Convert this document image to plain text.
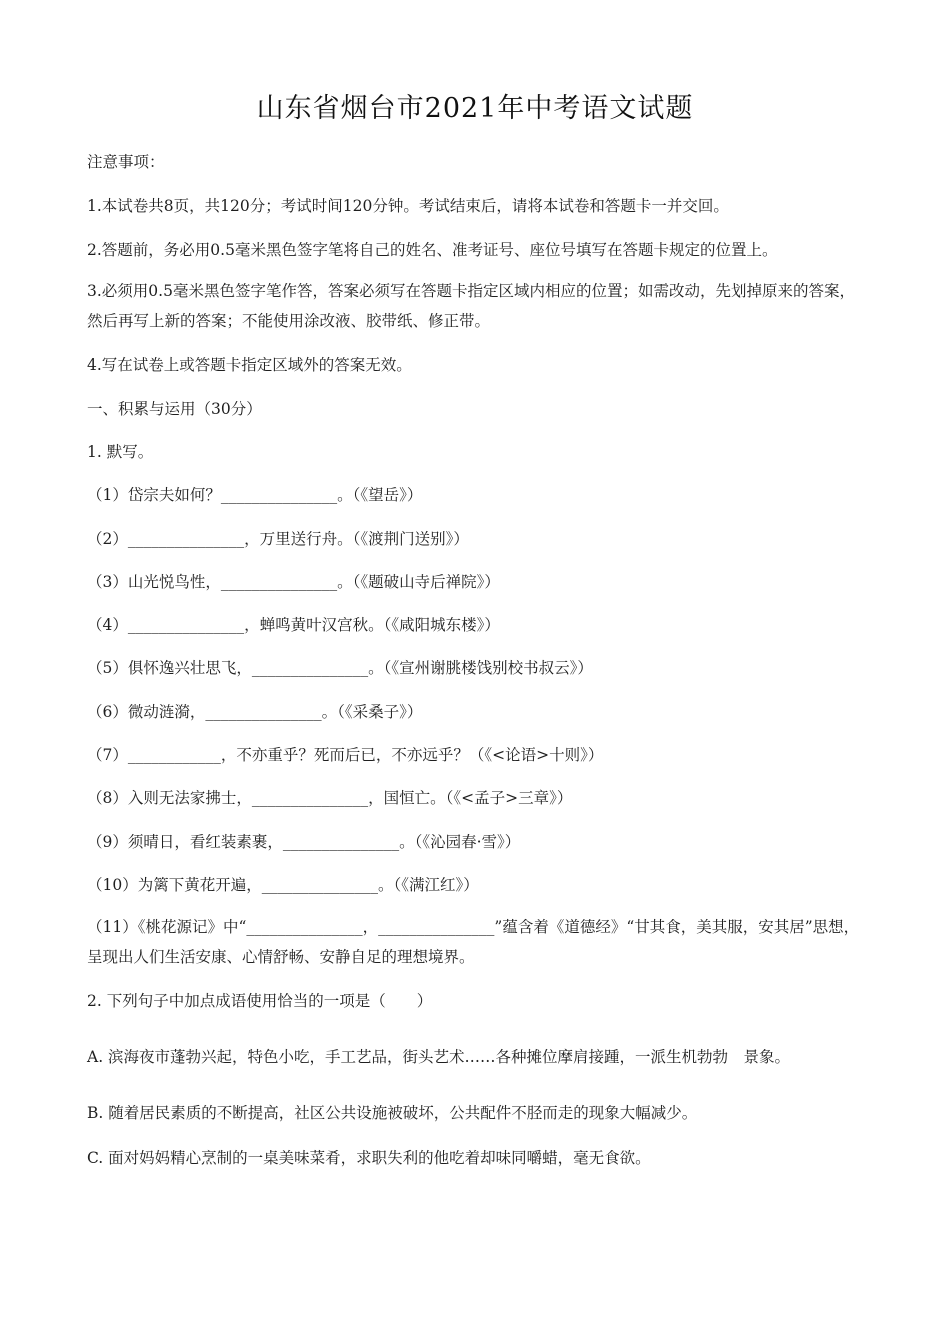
山东省烟台市2021年中考语文试题
注意事项：
1.本试卷共8页，共120分；考试时间120分钟。考试结束后，请将本试卷和答题卡一并交回。
2.答题前，务必用0.5毫米黑色签字笔将自己的姓名、准考证号、座位号填写在答题卡规定的位置上。
3.必须用0.5毫米黑色签字笔作答，答案必须写在答题卡指定区域内相应的位置；如需改动，先划掉原来的答案，然后再写上新的答案；不能使用涂改液、胶带纸、修正带。
4.写在试卷上或答题卡指定区域外的答案无效。
一、积累与运用（30分）
1. 默写。
（1）岱宗夫如何？_______________。（《望岳》）
（2）_______________，万里送行舟。（《渡荆门送别》）
（3）山光悦鸟性，_______________。（《题破山寺后禅院》）
（4）_______________，蝉鸣黄叶汉宫秋。（《咸阳城东楼》）
（5）俱怀逸兴壮思飞，_______________。（《宣州谢朓楼饯别校书叔云》）
（6）微动涟漪，_______________。（《采桑子》）
（7）____________，不亦重乎？死而后已，不亦远乎？（《<论语>十则》）
（8）入则无法家拂士，_______________，国恒亡。（《<孟子>三章》）
（9）须晴日，看红装素裹，_______________。（《沁园春·雪》）
（10）为篱下黄花开遍，_______________。（《满江红》）
（11）《桃花源记》中“_______________，_______________”蕴含着《道德经》“甘其食，美其服，安其居”思想，呈现出人们生活安康、心情舒畅、安静自足的理想境界。
2. 下列句子中加点成语使用恰当的一项是（　　）
A. 滨海夜市蓬勃兴起，特色小吃，手工艺品，街头艺术……各种摊位摩肩接踵，一派生机勃勃　景象。
B. 随着居民素质的不断提高，社区公共设施被破坏，公共配件不胫而走的现象大幅减少。
C. 面对妈妈精心烹制的一桌美味菜肴，求职失利的他吃着却味同嚼蜡，毫无食欲。
